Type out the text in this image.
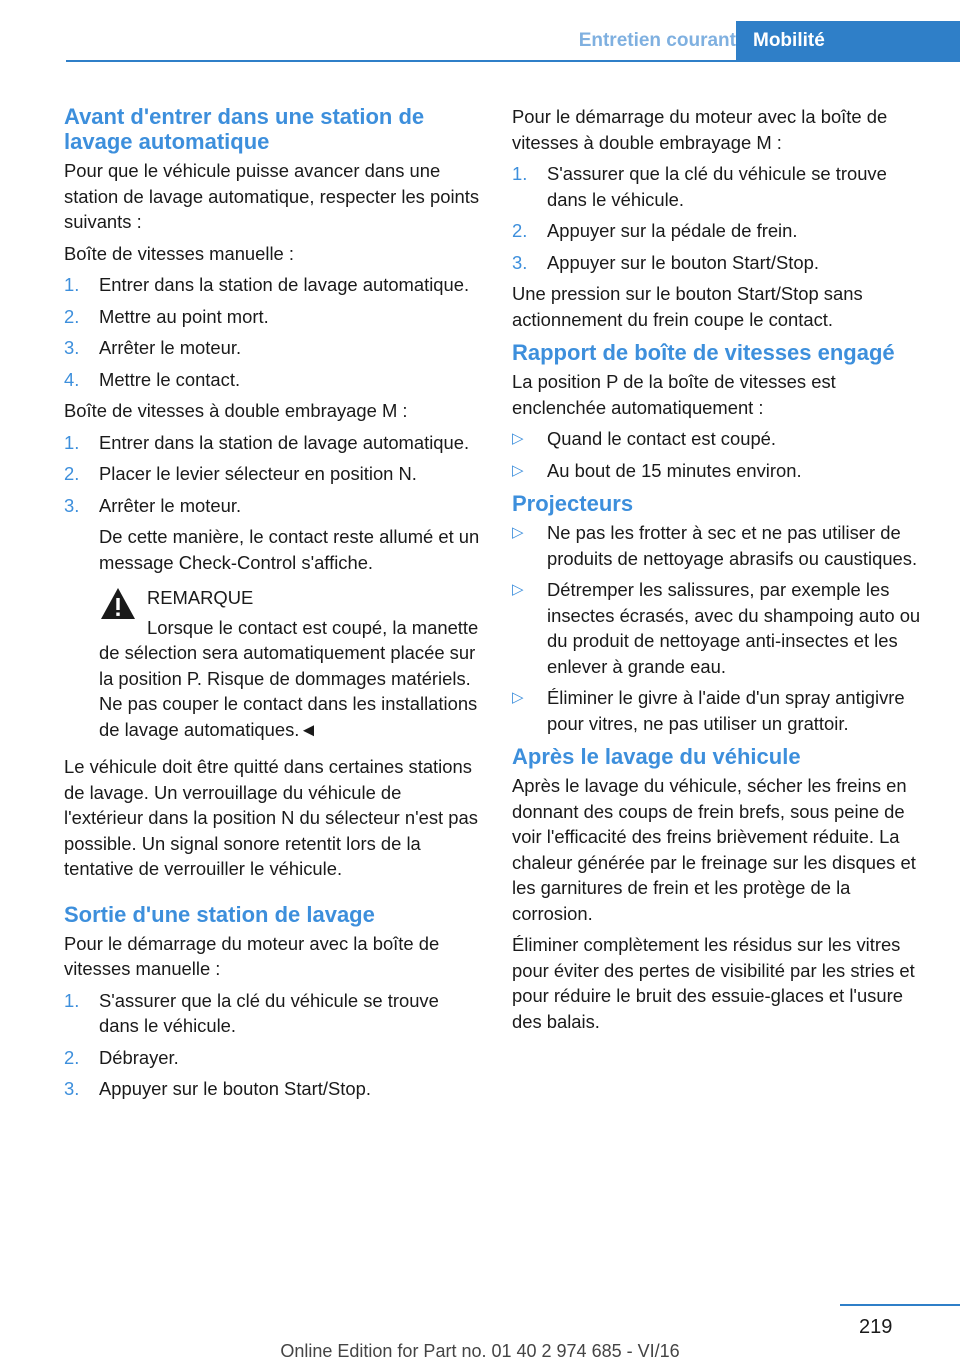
Entretien courant Mobilité
Avant d'entrer dans une station de lavage automatique

Pour que le véhicule puisse avancer dans une station de lavage automatique, respecter les points suivants :

Boîte de vitesses manuelle :

1.	Entrer dans la station de lavage automatique.
2.	Mettre au point mort.
3.	Arrêter le moteur.
4.	Mettre le contact.

Boîte de vitesses à double embrayage M :

1.	Entrer dans la station de lavage automatique.
2.	Placer le levier sélecteur en position N.
3.	Arrêter le moteur.

De cette manière, le contact reste allumé et un message Check-Control s'affiche.

REMARQUE
Lorsque le contact est coupé, la manette de sélection sera automatiquement placée sur la position P. Risque de dommages matériels. Ne pas couper le contact dans les installations de lavage automatiques.◄

Le véhicule doit être quitté dans certaines stations de lavage. Un verrouillage du véhicule de l'extérieur dans la position N du sélecteur n'est pas possible. Un signal sonore retentit lors de la tentative de verrouiller le véhicule.

Sortie d'une station de lavage

Pour le démarrage du moteur avec la boîte de vitesses manuelle :

1.	S'assurer que la clé du véhicule se trouve dans le véhicule.
2.	Débrayer.
3.	Appuyer sur le bouton Start/Stop.

Pour le démarrage du moteur avec la boîte de vitesses à double embrayage M :

1.	S'assurer que la clé du véhicule se trouve dans le véhicule.
2.	Appuyer sur la pédale de frein.
3.	Appuyer sur le bouton Start/Stop.

Une pression sur le bouton Start/Stop sans actionnement du frein coupe le contact.

Rapport de boîte de vitesses engagé

La position P de la boîte de vitesses est enclenchée automatiquement :

▷	Quand le contact est coupé.
▷	Au bout de 15 minutes environ.
Projecteurs
▷	Ne pas les frotter à sec et ne pas utiliser de produits de nettoyage abrasifs ou caustiques.
▷	Détremper les salissures, par exemple les insectes écrasés, avec du shampoing auto ou du produit de nettoyage anti-insectes et les enlever à grande eau.
▷	Éliminer le givre à l'aide d'un spray antigivre pour vitres, ne pas utiliser un grattoir.
Après le lavage du véhicule

Après le lavage du véhicule, sécher les freins en donnant des coups de frein brefs, sous peine de voir l'efficacité des freins brièvement réduite. La chaleur générée par le freinage sur les disques et les garnitures de frein et les protège de la corrosion.

Éliminer complètement les résidus sur les vitres pour éviter des pertes de visibilité par les stries et pour réduire le bruit des essuie-glaces et l'usure des balais.

219
Online Edition for Part no. 01 40 2 974 685 - VI/16
